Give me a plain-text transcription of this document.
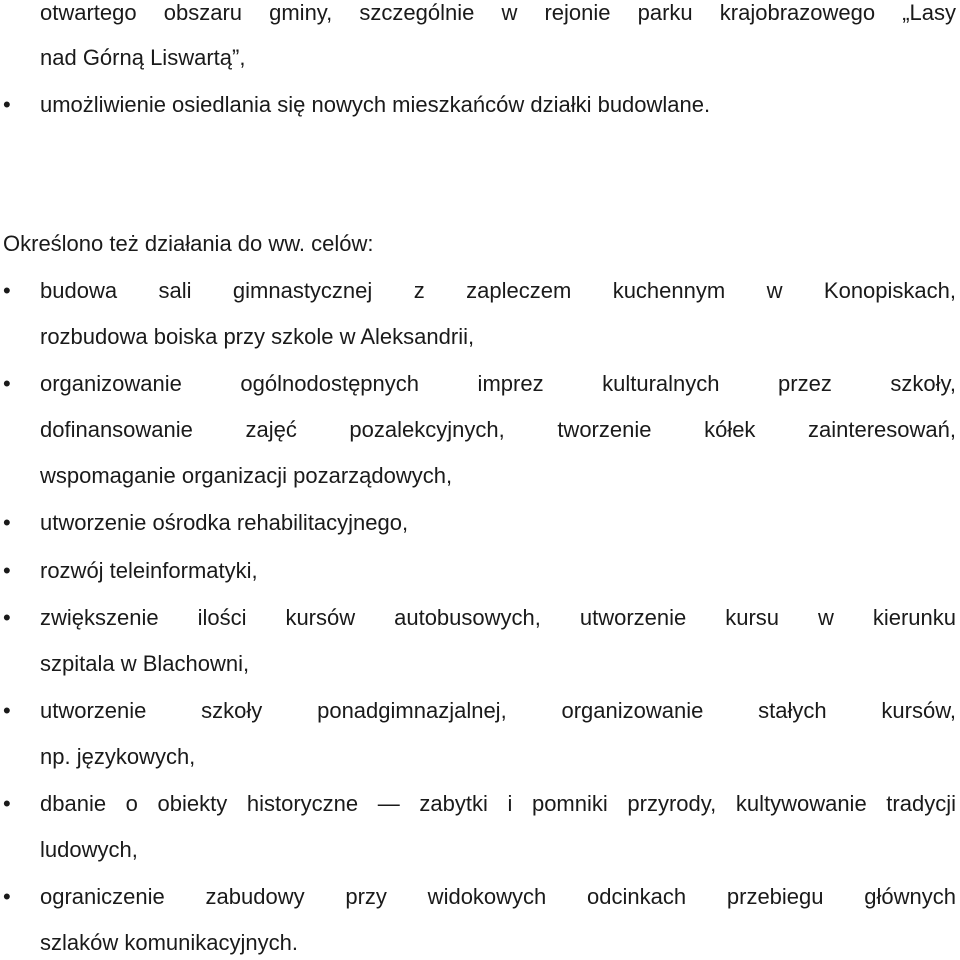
otwartego obszaru gminy, szczególnie w rejonie parku krajobrazowego „Lasy
nad Górną Liswartą”,
• umożliwienie osiedlania się nowych mieszkańców działki budowlane.
Określono też działania do ww. celów:
• budowa sali gimnastycznej z zapleczem kuchennym w Konopiskach,
rozbudowa boiska przy szkole w Aleksandrii,
• organizowanie ogólnodostępnych imprez kulturalnych przez szkoły,
dofinansowanie zajęć pozalekcyjnych, tworzenie kółek zainteresowań,
wspomaganie organizacji pozarządowych,
• utworzenie ośrodka rehabilitacyjnego,
• rozwój teleinformatyki,
• zwiększenie ilości kursów autobusowych, utworzenie kursu w kierunku
szpitala w Blachowni,
• utworzenie szkoły ponadgimnazjalnej, organizowanie stałych kursów,
np. językowych,
• dbanie o obiekty historyczne — zabytki i pomniki przyrody, kultywowanie tradycji
ludowych,
• ograniczenie zabudowy przy widokowych odcinkach przebiegu głównych
szlaków komunikacyjnych.
